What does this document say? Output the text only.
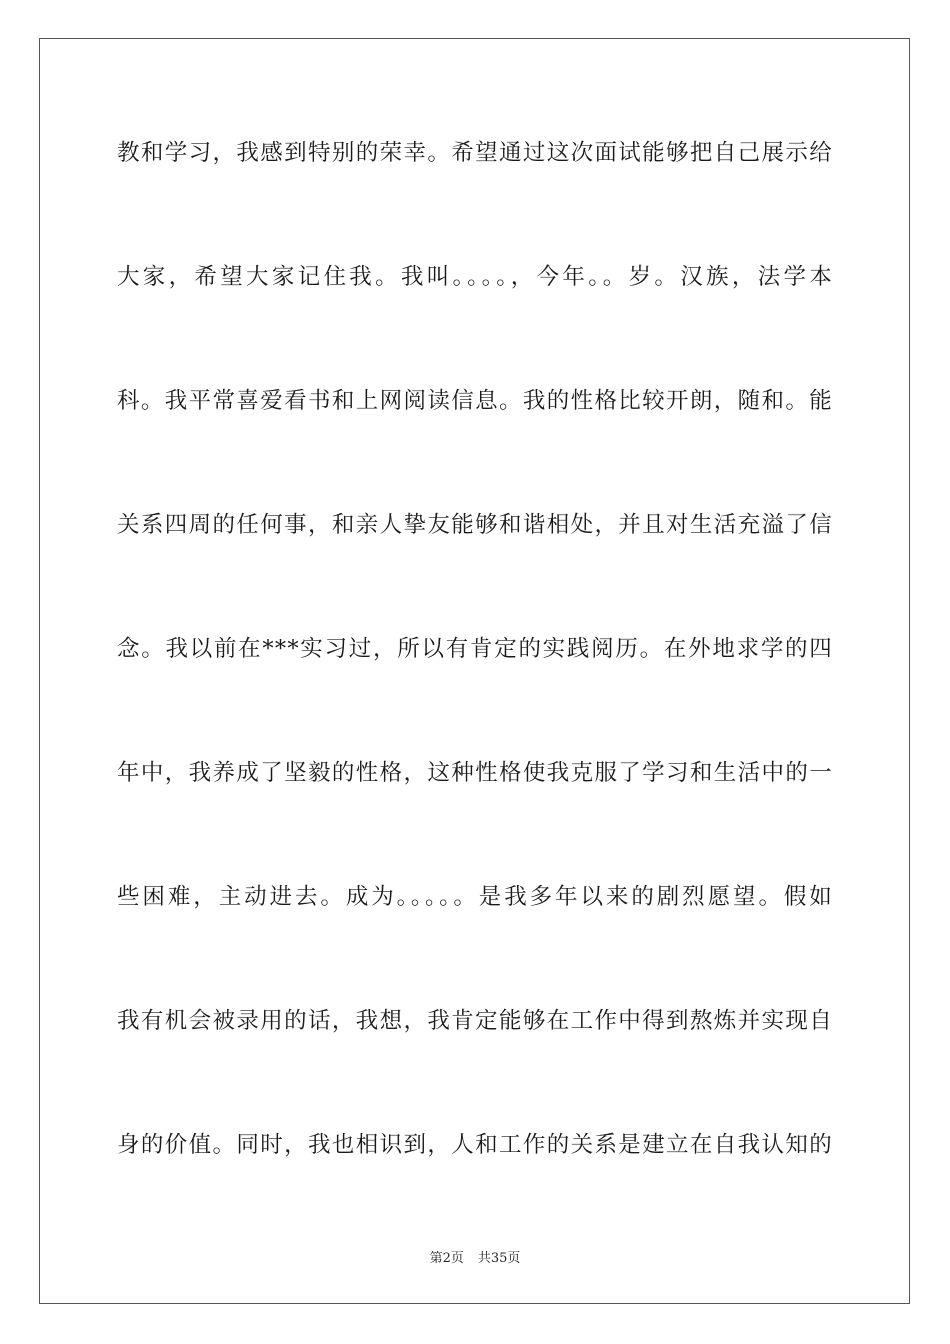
教和学习，我感到特别的荣幸。希望通过这次面试能够把自己展示给
大家，希望大家记住我。我叫。。。。，今年。。岁。汉族，法学本
科。我平常喜爱看书和上网阅读信息。我的性格比较开朗，随和。能
关系四周的任何事，和亲人挚友能够和谐相处，并且对生活充溢了信
念。我以前在***实习过，所以有肯定的实践阅历。在外地求学的四
年中，我养成了坚毅的性格，这种性格使我克服了学习和生活中的一
些困难，主动进去。成为。。。。。是我多年以来的剧烈愿望。假如
我有机会被录用的话，我想，我肯定能够在工作中得到熬炼并实现自
身的价值。同时，我也相识到，人和工作的关系是建立在自我认知的
第2页 共35页
